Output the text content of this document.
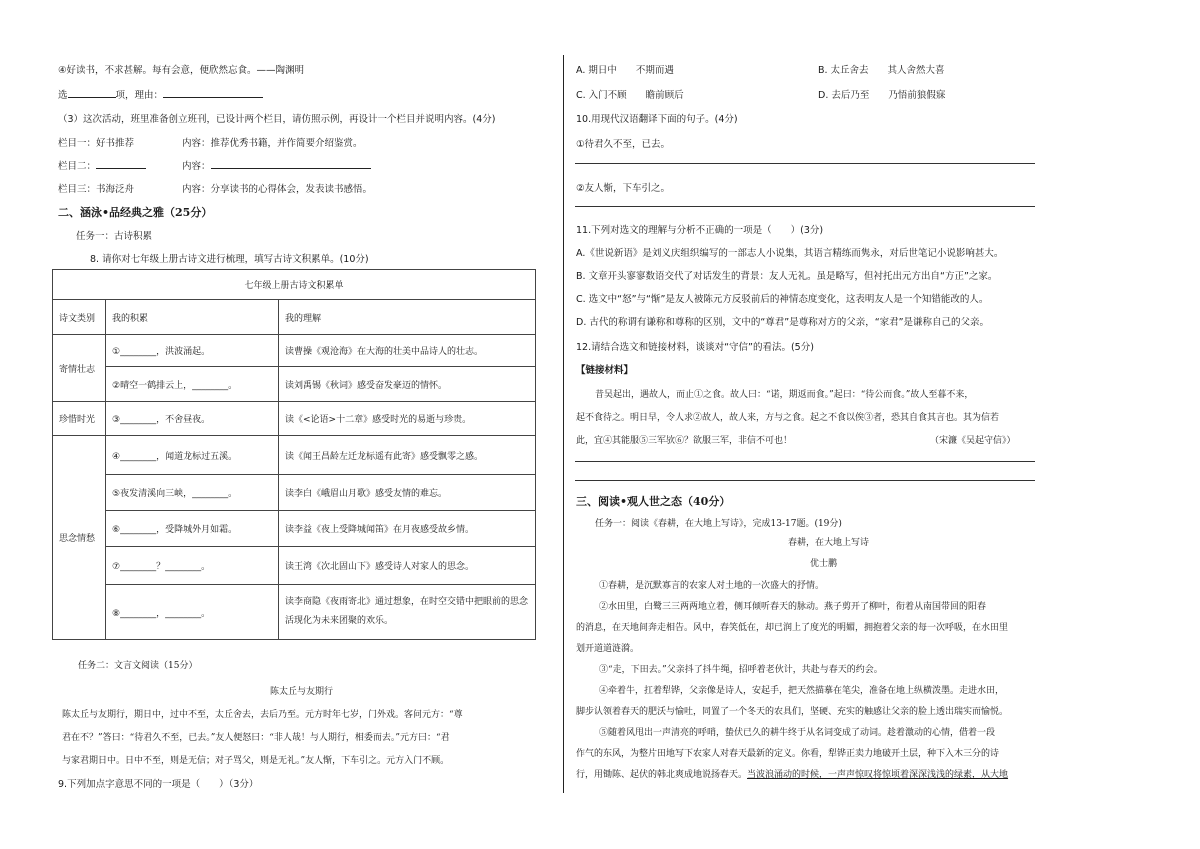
④好读书，不求甚解。每有会意，便欣然忘食。——陶渊明
选	项，理由：
（3）这次活动，班里准备创立班刊，已设计两个栏目，请仿照示例，再设计一个栏目并说明内容。(4分)
栏目一：好书推荐	内容：推荐优秀书籍，并作简要介绍鉴赏。
栏目二：	内容：
栏目三：书海泛舟	内容：分享读书的心得体会，发表读书感悟。
二、涵泳•品经典之雅（25分）
任务一：古诗积累
8. 请你对七年级上册古诗文进行梳理，填写古诗文积累单。(10分)
七年级上册古诗文积累单		
诗文类别	我的积累	我的理解
寄情壮志	①________，洪波涌起。	读曹操《观沧海》在大海的壮美中品诗人的壮志。
	②晴空一鹤排云上，________。	读刘禹锡《秋词》感受奋发豪迈的情怀。
珍惜时光	③________，不舍昼夜。	读《<论语>十二章》感受时光的易逝与珍贵。
思念情愁	④________，闻道龙标过五溪。	读《闻王昌龄左迁龙标遥有此寄》感受飘零之感。
	⑤夜发清溪向三峡，________。	读李白《峨眉山月歌》感受友情的难忘。
	⑥________，受降城外月如霜。	读李益《夜上受降城闻笛》在月夜感受故乡情。
	⑦________？________。	读王湾《次北固山下》感受诗人对家人的思念。
	⑧________，________。	读李商隐《夜雨寄北》通过想象，在时空交错中把眼前的思念活现化为未来团聚的欢乐。
任务二：文言文阅读（15分）
陈太丘与友期行
陈太丘与友期行，期日中，过中不至，太丘舍去，去后乃至。元方时年七岁，门外戏。客问元方：“尊
君在不？”答曰：“待君久不至，已去。”友人便怒曰：“非人哉！与人期行，相委而去。”元方曰：“君
与家君期日中。日中不至，则是无信；对子骂父，则是无礼。”友人惭，下车引之。元方入门不顾。
9.下列加点字意思不同的一项是（　　）（3分）
A. 期日中　　不期而遇	B. 太丘舍去　　其人舍然大喜
C. 入门不顾　　瞻前顾后	D. 去后乃至　　乃悟前狼假寐
10.用现代汉语翻译下面的句子。(4分)
①待君久不至，已去。
②友人惭，下车引之。
11.下列对选文的理解与分析不正确的一项是（　　）(3分)
A.《世说新语》是刘义庆组织编写的一部志人小说集，其语言精练而隽永，对后世笔记小说影响甚大。
B. 文章开头寥寥数语交代了对话发生的背景：友人无礼。虽是略写，但衬托出元方出自“方正”之家。
C. 选文中“怒”与“惭”是友人被陈元方反驳前后的神情态度变化，这表明友人是一个知错能改的人。
D. 古代的称谓有谦称和尊称的区别，文中的“尊君”是尊称对方的父亲，“家君”是谦称自己的父亲。
12.请结合选文和链接材料，谈谈对“守信”的看法。(5分)
【链接材料】
昔吴起出，遇故人，而止①之食。故人曰：“诺，期返而食。”起曰：“待公而食。”故人至暮不来，
起不食待之。明日早，令人求②故人，故人来，方与之食。起之不食以俟③者，恐其自食其言也。其为信若
此，宜④其能服⑤三军欤⑥？欲服三军，非信不可也！	（宋濂《吴起守信》）
三、阅读•观人世之态（40分）
任务一：阅读《春耕，在大地上写诗》，完成13-17题。(19分)
春耕，在大地上写诗
优士鹏
①春耕，是沉默寡言的农家人对土地的一次盛大的抒情。
②水田里，白鹭三三两两地立着，侧耳倾听春天的脉动。燕子剪开了柳叶，衔着从南国带回的阳春
的消息，在天地间奔走相告。风中，春笑低在，却已润上了度光的明媚，拥抱着父亲的每一次呼吸，在水田里
划开道道涟漪。
③“走，下田去。”父亲抖了抖牛绳，招呼着老伙计，共赴与春天的约会。
④牵着牛，扛着犁铧，父亲像是诗人，安起手，把天然描摹在笔尖，准备在地上纵横泼墨。走进水田，
脚步认领着春天的肥沃与愉吐，同置了一个冬天的农具们，坚硬、充实的触感让父亲的脸上透出瑞实而愉悦。
⑤随着风甩出一声清亮的呼哨，蛰伏已久的耕牛终于从名词变成了动词。趁着激动的心情，借着一段
作气的东风，为整片田地写下农家人对春天最新的定义。你看，犁铧正卖力地破开土层，种下入木三分的诗
行，用锄陈、起伏的韩北爽成地说扬春天。当波浪涌动的时候，一声声惊叹将惊顷着深深浅浅的绿素，从大地
